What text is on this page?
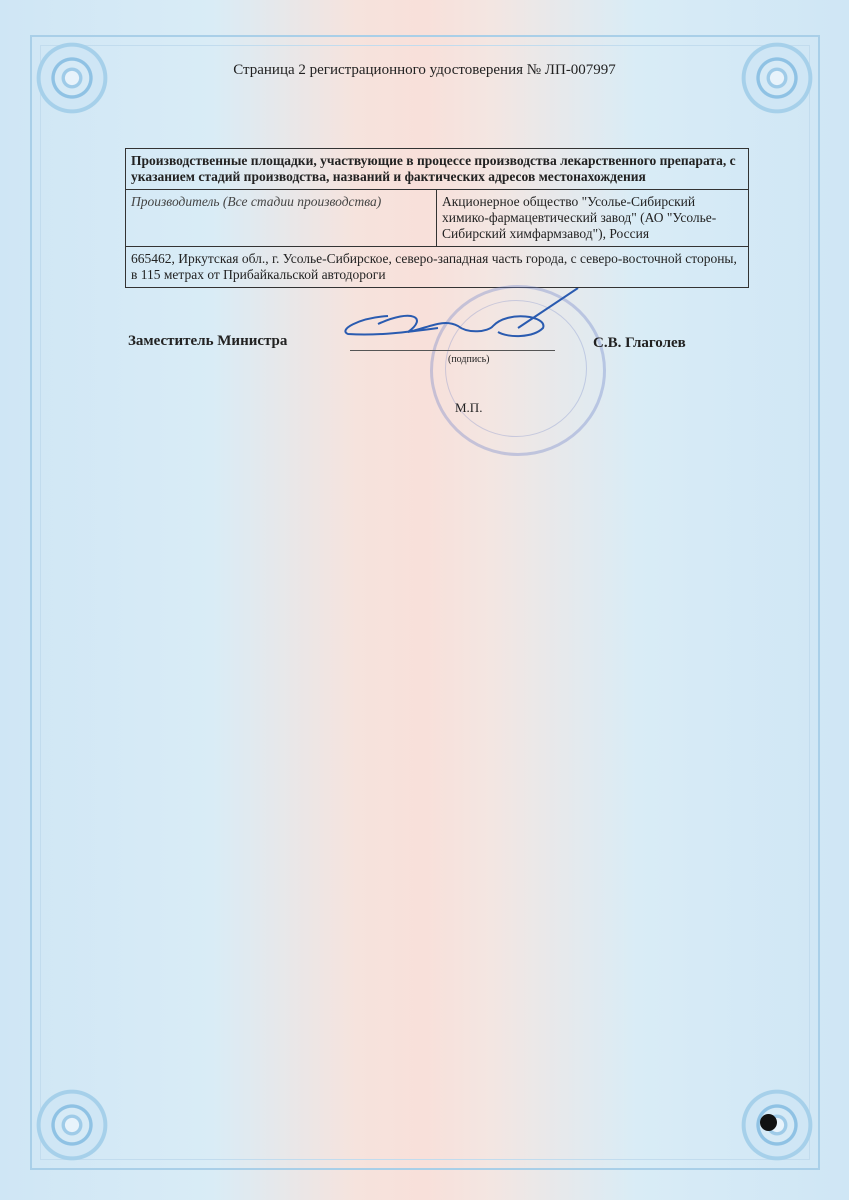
Страница 2 регистрационного удостоверения № ЛП-007997
Производственные площадки, участвующие в процессе производства лекарственного препарата, с указанием стадий производства, названий и фактических адресов местонахождения
Производитель (Все стадии производства)	Акционерное общество "Усолье-Сибирский химико-фармацевтический завод" (АО "Усолье-Сибирский химфармзавод"), Россия
665462, Иркутская обл., г. Усолье-Сибирское, северо-западная часть города, с северо-восточной стороны, в 115 метрах от Прибайкальской автодороги
Заместитель Министра	С.В. Глаголев
(подпись)
М.П.
